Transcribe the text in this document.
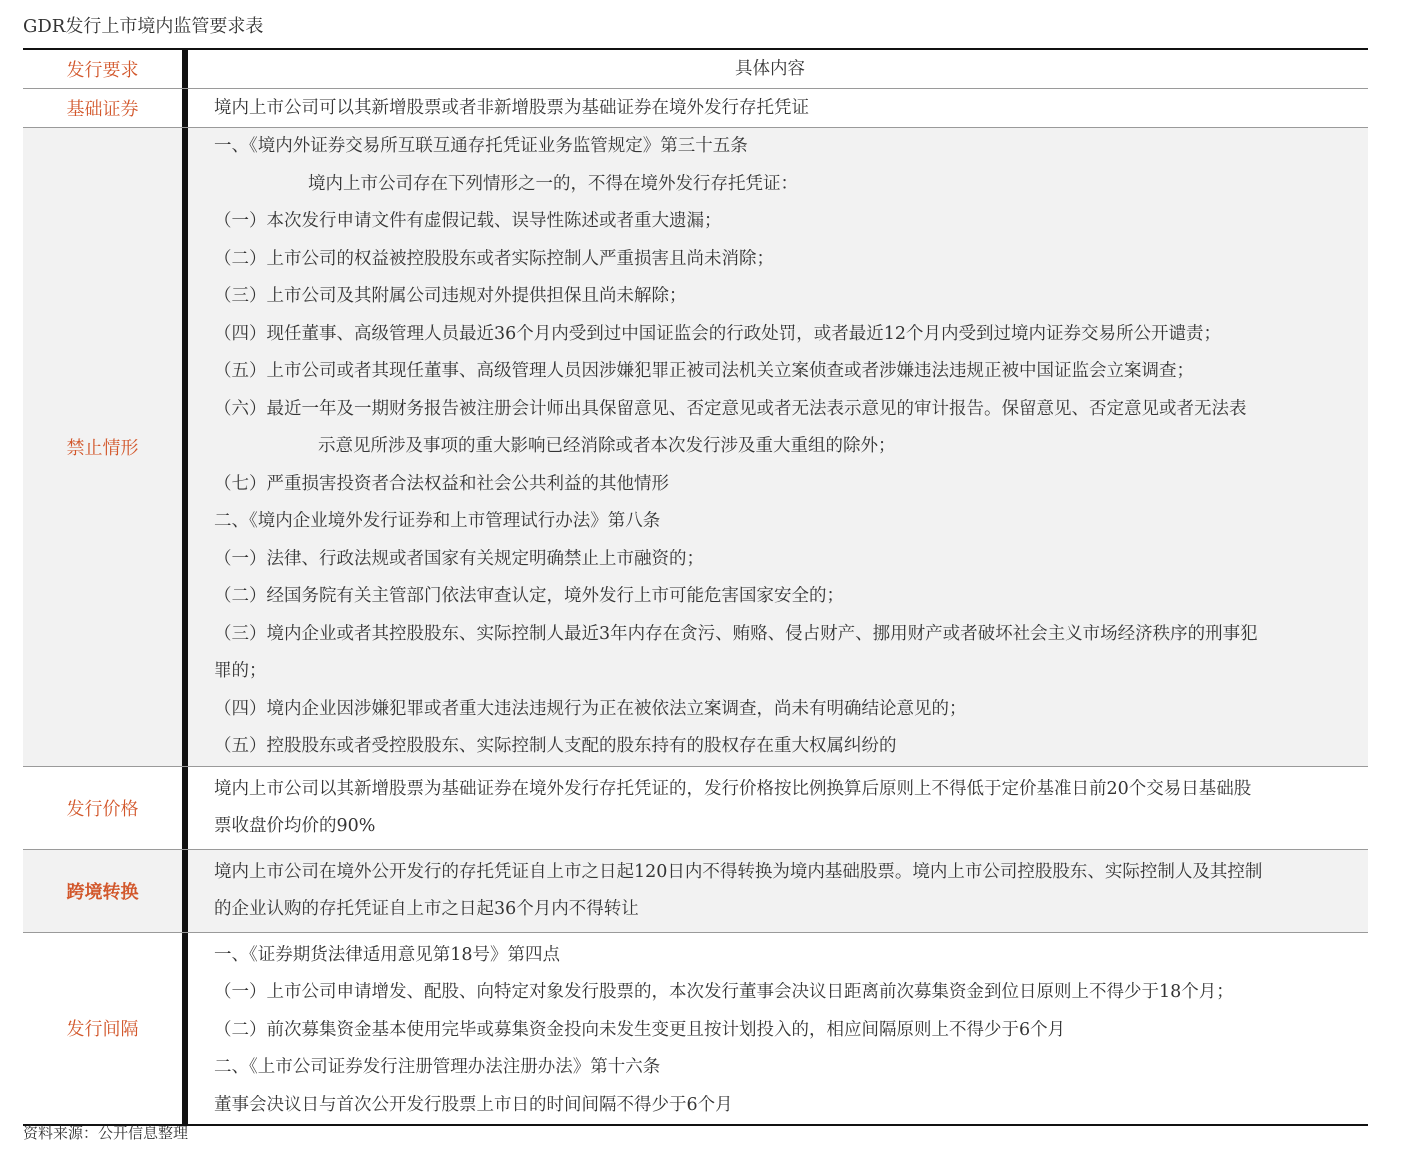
GDR发行上市境内监管要求表
发行要求	具体内容
基础证券	境内上市公司可以其新增股票或者非新增股票为基础证券在境外发行存托凭证
禁止情形
一、《境内外证券交易所互联互通存托凭证业务监管规定》第三十五条
境内上市公司存在下列情形之一的，不得在境外发行存托凭证：
（一）本次发行申请文件有虚假记载、误导性陈述或者重大遗漏；
（二）上市公司的权益被控股股东或者实际控制人严重损害且尚未消除；
（三）上市公司及其附属公司违规对外提供担保且尚未解除；
（四）现任董事、高级管理人员最近36个月内受到过中国证监会的行政处罚，或者最近12个月内受到过境内证券交易所公开谴责；
（五）上市公司或者其现任董事、高级管理人员因涉嫌犯罪正被司法机关立案侦查或者涉嫌违法违规正被中国证监会立案调查；
（六）最近一年及一期财务报告被注册会计师出具保留意见、否定意见或者无法表示意见的审计报告。保留意见、否定意见或者无法表
示意见所涉及事项的重大影响已经消除或者本次发行涉及重大重组的除外；
（七）严重损害投资者合法权益和社会公共利益的其他情形
二、《境内企业境外发行证券和上市管理试行办法》第八条
（一）法律、行政法规或者国家有关规定明确禁止上市融资的；
（二）经国务院有关主管部门依法审查认定，境外发行上市可能危害国家安全的；
（三）境内企业或者其控股股东、实际控制人最近3年内存在贪污、贿赂、侵占财产、挪用财产或者破坏社会主义市场经济秩序的刑事犯
罪的；
（四）境内企业因涉嫌犯罪或者重大违法违规行为正在被依法立案调查，尚未有明确结论意见的；
（五）控股股东或者受控股股东、实际控制人支配的股东持有的股权存在重大权属纠纷的
发行价格
境内上市公司以其新增股票为基础证券在境外发行存托凭证的，发行价格按比例换算后原则上不得低于定价基准日前20个交易日基础股
票收盘价均价的90%
跨境转换
境内上市公司在境外公开发行的存托凭证自上市之日起120日内不得转换为境内基础股票。境内上市公司控股股东、实际控制人及其控制
的企业认购的存托凭证自上市之日起36个月内不得转让
发行间隔
一、《证券期货法律适用意见第18号》第四点
（一）上市公司申请增发、配股、向特定对象发行股票的，本次发行董事会决议日距离前次募集资金到位日原则上不得少于18个月；
（二）前次募集资金基本使用完毕或募集资金投向未发生变更且按计划投入的，相应间隔原则上不得少于6个月
二、《上市公司证券发行注册管理办法注册办法》第十六条
董事会决议日与首次公开发行股票上市日的时间间隔不得少于6个月
资料来源：公开信息整理
